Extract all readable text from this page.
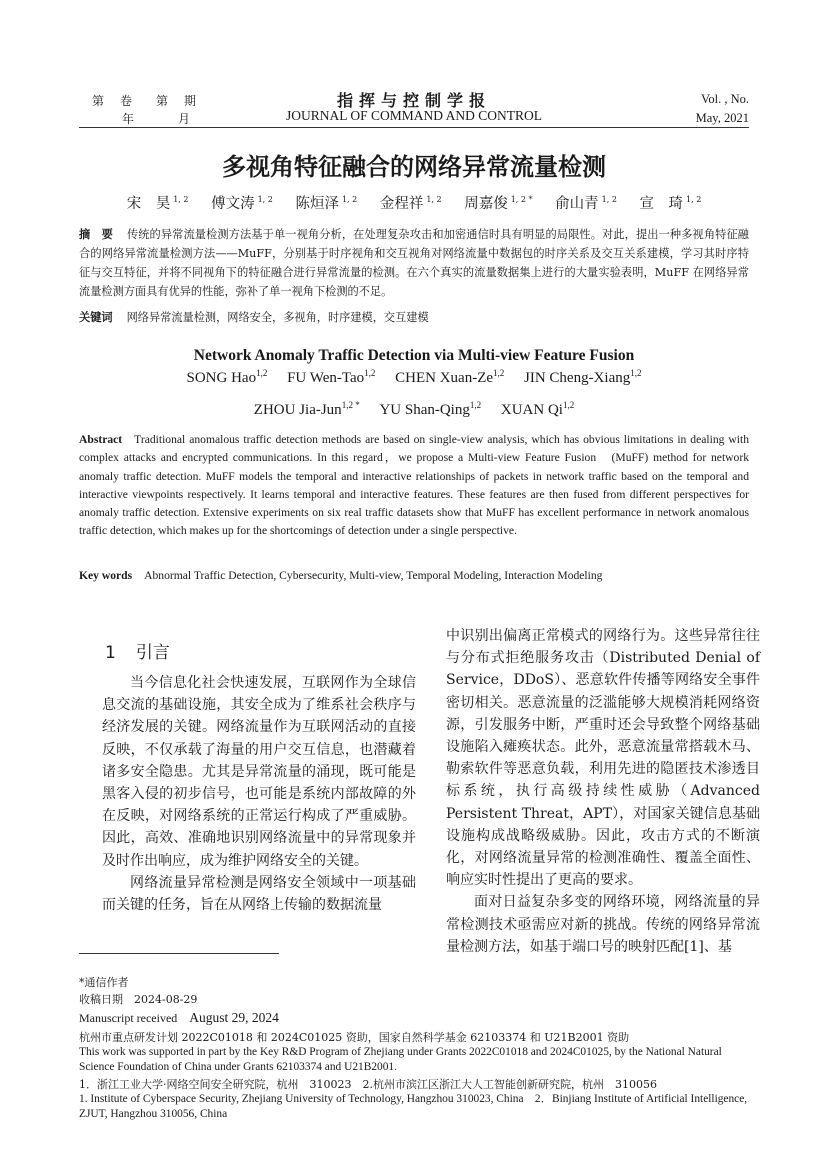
第 卷 第 期
年	月
指挥与控制学报
JOURNAL OF COMMAND AND CONTROL
Vol. , No.
May, 2021
多视角特征融合的网络异常流量检测
宋　昊 $^{1, 2}$ 傅文涛 $^{1, 2}$ 陈烜泽 $^{1, 2}$ 金程祥 $^{1, 2}$ 周嘉俊 $^{1, 2 *}$ 俞山青 $^{1, 2}$ 宣　琦 $^{1, 2}$
摘　要 传统的异常流量检测方法基于单一视角分析，在处理复杂攻击和加密通信时具有明显的局限性。对此，提出一种多视角特征融合的网络异常流量检测方法——MuFF，分别基于时序视角和交互视角对网络流量中数据包的时序关系及交互关系建模，学习其时序特征与交互特征，并将不同视角下的特征融合进行异常流量的检测。在六个真实的流量数据集上进行的大量实验表明，MuFF 在网络异常流量检测方面具有优异的性能，弥补了单一视角下检测的不足。
关键词 网络异常流量检测，网络安全，多视角，时序建模，交互建模
Network Anomaly Traffic Detection via Multi-view Feature Fusion
SONG Hao$^{1,2}$ FU Wen-Tao$^{1,2}$ CHEN Xuan-Ze$^{1,2}$ JIN Cheng-Xiang$^{1,2}$
ZHOU Jia-Jun$^{1,2 *}$ YU Shan-Qing$^{1,2}$ XUAN Qi$^{1,2}$
Abstract Traditional anomalous traffic detection methods are based on single-view analysis, which has obvious limitations in dealing with complex attacks and encrypted communications. In this regard，we propose a Multi-view Feature Fusion　(MuFF) method for network anomaly traffic detection. MuFF models the temporal and interactive relationships of packets in network traffic based on the temporal and interactive viewpoints respectively. It learns temporal and interactive features. These features are then fused from different perspectives for anomaly traffic detection. Extensive experiments on six real traffic datasets show that MuFF has excellent performance in network anomalous traffic detection, which makes up for the shortcomings of detection under a single perspective.
Key words Abnormal Traffic Detection, Cybersecurity, Multi-view, Temporal Modeling, Interaction Modeling
1 引言

当今信息化社会快速发展，互联网作为全球信息交流的基础设施，其安全成为了维系社会秩序与经济发展的关键。网络流量作为互联网活动的直接反映，不仅承载了海量的用户交互信息，也潜藏着诸多安全隐患。尤其是异常流量的涌现，既可能是黑客入侵的初步信号，也可能是系统内部故障的外在反映，对网络系统的正常运行构成了严重威胁。因此，高效、准确地识别网络流量中的异常现象并及时作出响应，成为维护网络安全的关键。

网络流量异常检测是网络安全领域中一项基础而关键的任务，旨在从网络上传输的数据流量

中识别出偏离正常模式的网络行为。这些异常往往与分布式拒绝服务攻击（Distributed Denial of Service，DDoS）、恶意软件传播等网络安全事件密切相关。恶意流量的泛滥能够大规模消耗网络资源，引发服务中断，严重时还会导致整个网络基础设施陷入瘫痪状态。此外，恶意流量常搭载木马、勒索软件等恶意负载，利用先进的隐匿技术渗透目标系统，执行高级持续性威胁（Advanced Persistent Threat，APT），对国家关键信息基础设施构成战略级威胁。因此，攻击方式的不断演化，对网络流量异常的检测准确性、覆盖全面性、响应实时性提出了更高的要求。

面对日益复杂多变的网络环境，网络流量的异常检测技术亟需应对新的挑战。传统的网络异常流量检测方法，如基于端口号的映射匹配[1]、基

*通信作者
收稿日期　2024-08-29
Manuscript received August 29, 2024
杭州市重点研发计划 2022C01018 和 2024C01025 资助，国家自然科学基金 62103374 和 U21B2001 资助
This work was supported in part by the Key R&D Program of Zhejiang under Grants 2022C01018 and 2024C01025, by the National Natural Science Foundation of China under Grants 62103374 and U21B2001.
1．浙江工业大学·网络空间安全研究院，杭州　310023　2.杭州市滨江区浙江大人工智能创新研究院，杭州　310056
1. Institute of Cyberspace Security, Zhejiang University of Technology, Hangzhou 310023, China　2．Binjiang Institute of Artificial Intelligence, ZJUT, Hangzhou 310056, China
